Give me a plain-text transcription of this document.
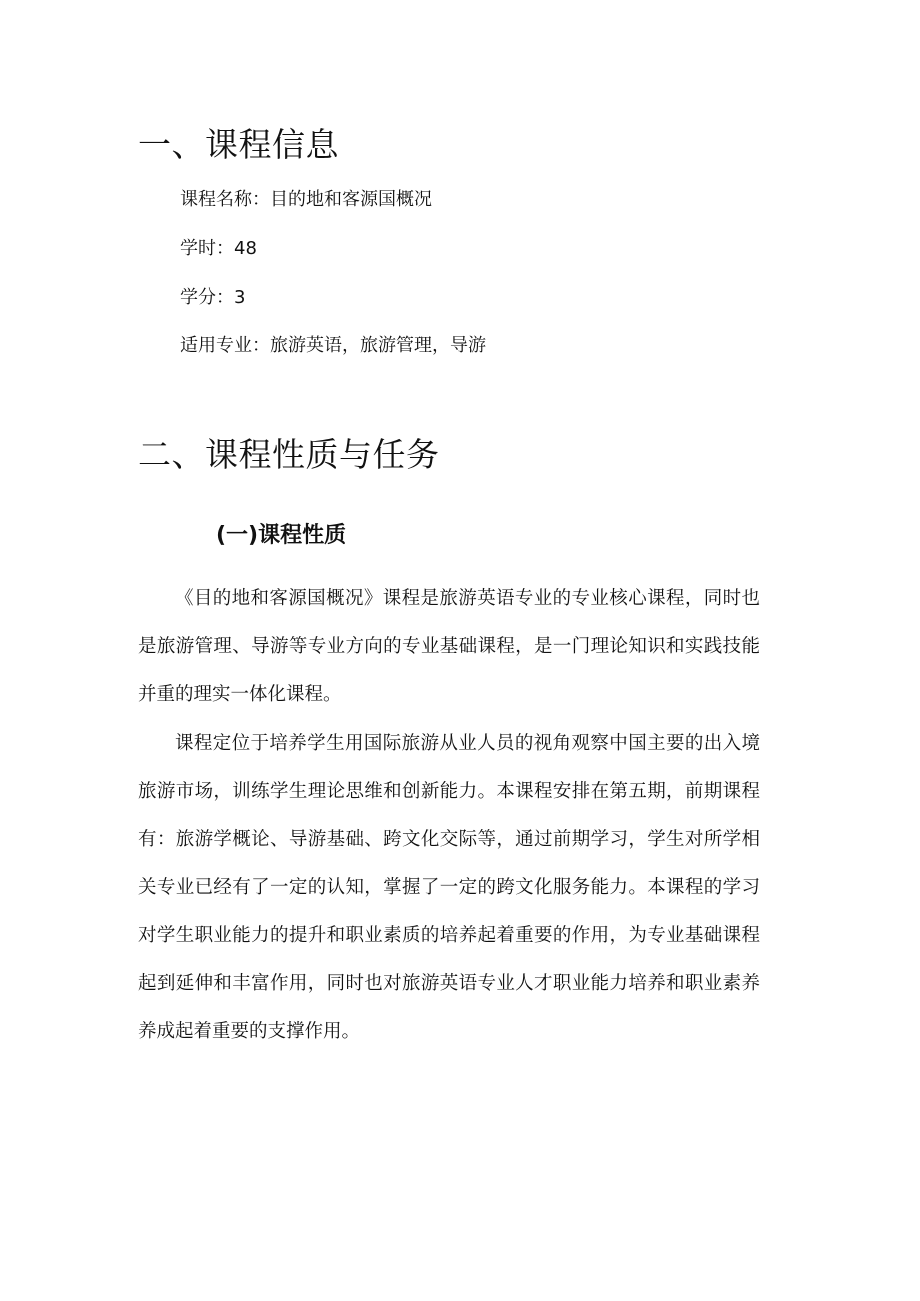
一、课程信息

课程名称：目的地和客源国概况

学时：48

学分：3

适用专业：旅游英语，旅游管理，导游

二、课程性质与任务
(一)课程性质

《目的地和客源国概况》课程是旅游英语专业的专业核心课程，同时也是旅游管理、导游等专业方向的专业基础课程，是一门理论知识和实践技能并重的理实一体化课程。

课程定位于培养学生用国际旅游从业人员的视角观察中国主要的出入境旅游市场，训练学生理论思维和创新能力。本课程安排在第五期，前期课程有：旅游学概论、导游基础、跨文化交际等，通过前期学习，学生对所学相关专业已经有了一定的认知，掌握了一定的跨文化服务能力。本课程的学习对学生职业能力的提升和职业素质的培养起着重要的作用，为专业基础课程起到延伸和丰富作用，同时也对旅游英语专业人才职业能力培养和职业素养养成起着重要的支撑作用。
